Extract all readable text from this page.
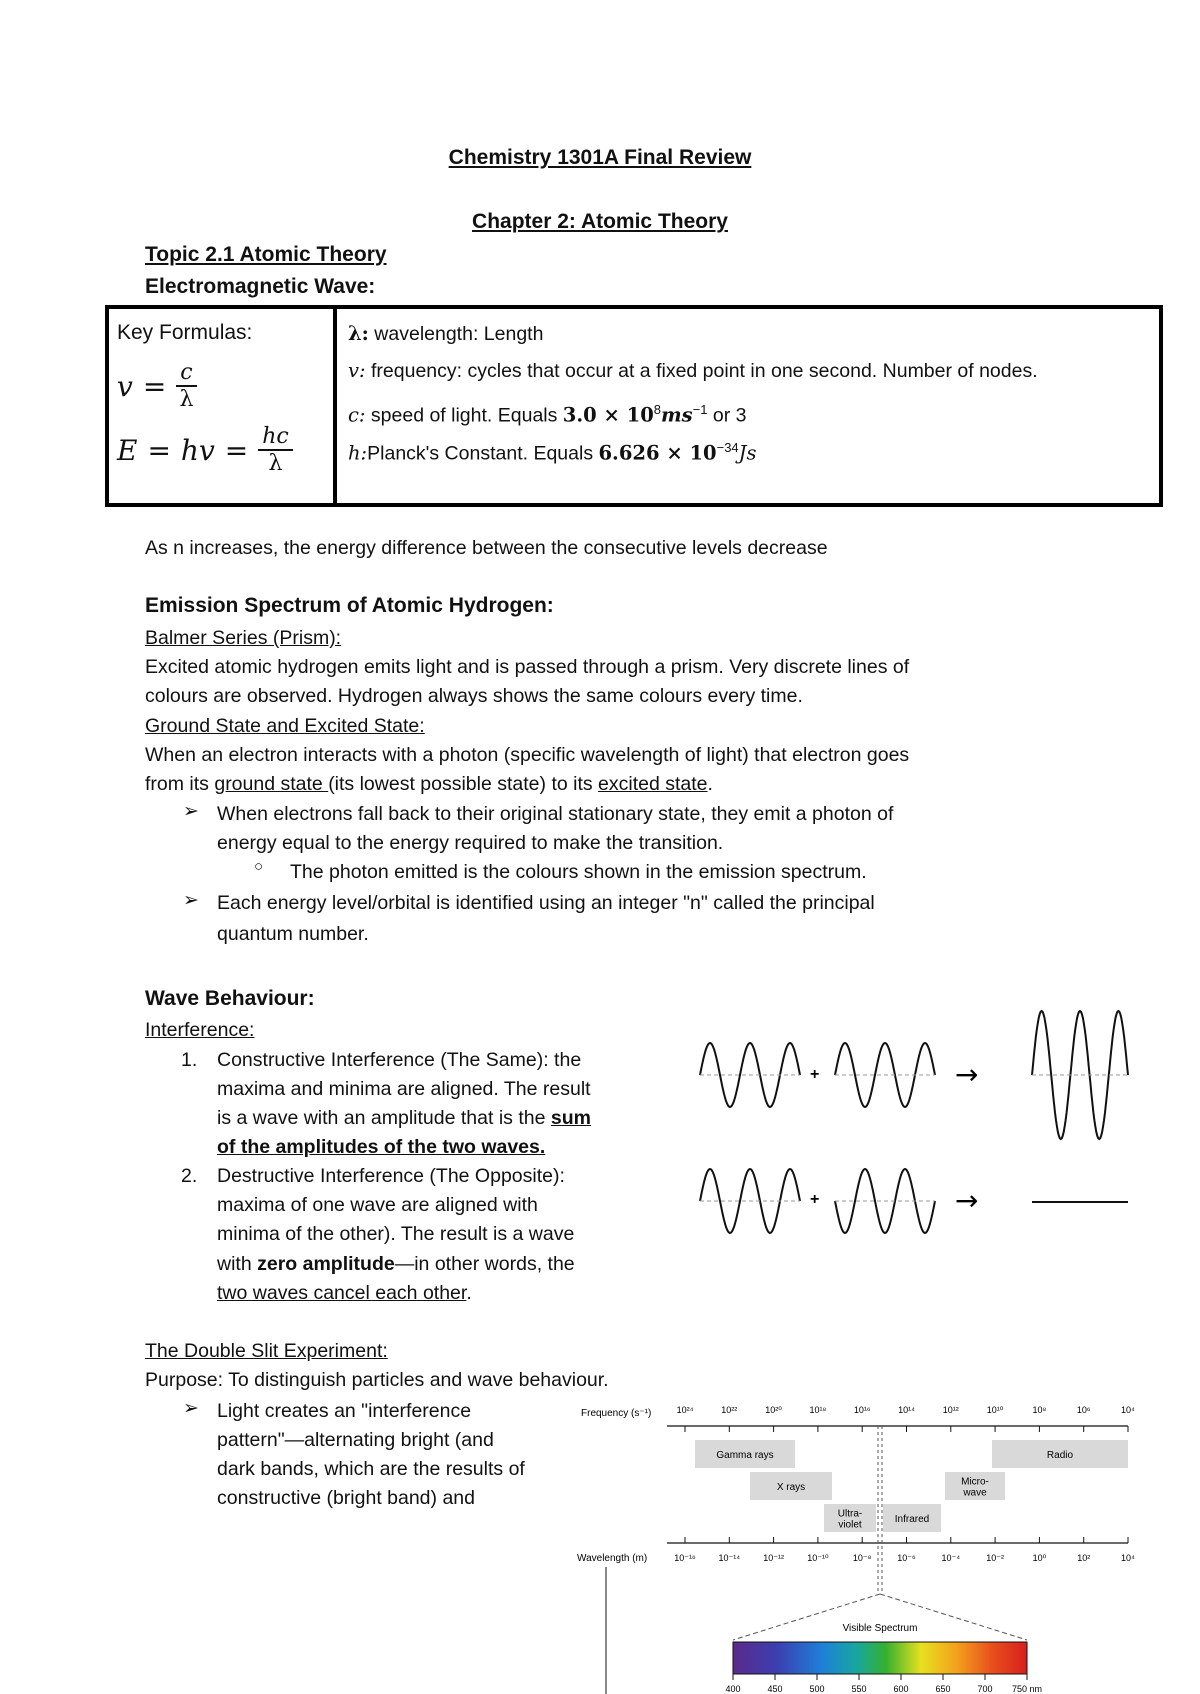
Chemistry 1301A Final Review
Chapter 2: Atomic Theory
Topic 2.1 Atomic Theory
Electromagnetic Wave:
Key Formulas:
$v = \frac{c}{\lambda}$
E = hv = $\frac{hc}{\lambda}$
λ: wavelength: Length
v: frequency: cycles that occur at a fixed point in one second. Number of nodes.
c: speed of light. Equals $3.0 \times 10^8ms^{-1}$ or 3
h:Planck's Constant. Equals $6.626 \times 10^{-34}Js$
As n increases, the energy difference between the consecutive levels decrease
Emission Spectrum of Atomic Hydrogen:
Balmer Series (Prism):
Excited atomic hydrogen emits light and is passed through a prism. Very discrete lines of
colours are observed. Hydrogen always shows the same colours every time.
Ground State and Excited State:
When an electron interacts with a photon (specific wavelength of light) that electron goes
from its ground state (its lowest possible state) to its excited state.
➢ When electrons fall back to their original stationary state, they emit a photon of
energy equal to the energy required to make the transition.
○ The photon emitted is the colours shown in the emission spectrum.
➢ Each energy level/orbital is identified using an integer "n" called the principal
quantum number.
Wave Behaviour:
Interference:
1. Constructive Interference (The Same): the
maxima and minima are aligned. The result
is a wave with an amplitude that is the sum
of the amplitudes of the two waves.
2. Destructive Interference (The Opposite):
maxima of one wave are aligned with
minima of the other). The result is a wave
with zero amplitude—in other words, the
two waves cancel each other.
+
+
→
→
The Double Slit Experiment:
Purpose: To distinguish particles and wave behaviour.
➢ Light creates an "interference
pattern"—alternating bright (and
dark bands, which are the results of
constructive (bright band) and
Frequency (s⁻¹)	10²⁴	10²²	10²⁰	10¹⁸	10¹⁶	10¹⁴	10¹²	10¹⁰	10⁸	10⁶	10⁴
Wavelength (m)	10⁻¹⁶	10⁻¹⁴	10⁻¹²	10⁻¹⁰	10⁻⁸	10⁻⁶	10⁻⁴	10⁻²	10⁰	10²	10⁴
Gamma rays
X rays
Ultra-
violet	Infrared
Micro-
wave
Radio
Visible Spectrum
400	450	500	550	600	650	700 750 nm
